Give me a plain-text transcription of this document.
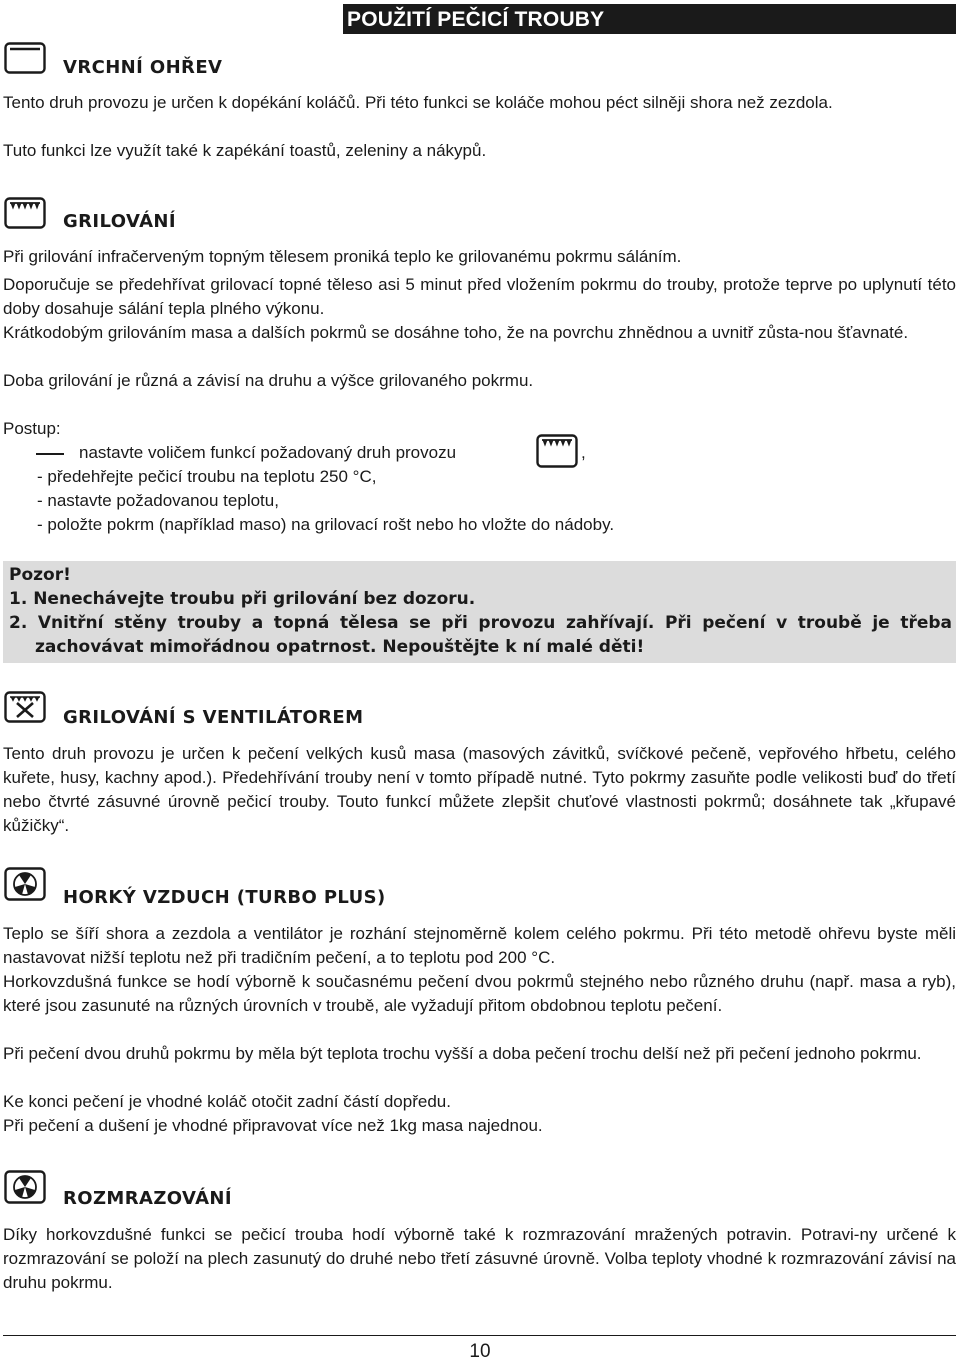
POUŽITÍ PEČICÍ TROUBY
VRCHNÍ OHŘEV

Tento druh provozu je určen k dopékání koláčů. Při této funkci se koláče mohou péct silněji shora než zezdola.

Tuto funkci lze využít také k zapékání toastů, zeleniny a nákypů.

GRILOVÁNÍ

Při grilování infračerveným topným tělesem proniká teplo ke grilovanému pokrmu sáláním.

Doporučuje se předehřívat grilovací topné těleso asi 5 minut před vložením pokrmu do trouby, protože teprve po uplynutí této doby dosahuje sálání tepla plného výkonu.

Krátkodobým grilováním masa a dalších pokrmů se dosáhne toho, že na povrchu zhnědnou a uvnitř zůsta-nou šťavnaté.

Doba grilování je různá a závisí na druhu a výšce grilovaného pokrmu.

Postup:
nastavte voličem funkcí požadovaný druh provozu	,
- předehřejte pečicí troubu na teplotu 250 °C,
- nastavte požadovanou teplotu,
- položte pokrm (například maso) na grilovací rošt nebo ho vložte do nádoby.
Pozor!
1. Nenechávejte troubu při grilování bez dozoru.
2. Vnitřní stěny trouby a topná tělesa se při provozu zahřívají. Při pečení v troubě je třeba zachovávat mimořádnou opatrnost. Nepouštějte k ní malé děti!
GRILOVÁNÍ S VENTILÁTOREM

Tento druh provozu je určen k pečení velkých kusů masa (masových závitků, svíčkové pečeně, vepřového hřbetu, celého kuřete, husy, kachny apod.). Předehřívání trouby není v tomto případě nutné. Tyto pokrmy zasuňte podle velikosti buď do třetí nebo čtvrté zásuvné úrovně pečicí trouby. Touto funkcí můžete zlepšit chuťové vlastnosti pokrmů; dosáhnete tak „křupavé kůžičky“.

HORKÝ VZDUCH (TURBO PLUS)

Teplo se šíří shora a zezdola a ventilátor je rozhání stejnoměrně kolem celého pokrmu. Při této metodě ohřevu byste měli nastavovat nižší teplotu než při tradičním pečení, a to teplotu pod 200 °C.

Horkovzdušná funkce se hodí výborně k současnému pečení dvou pokrmů stejného nebo různého druhu (např. masa a ryb), které jsou zasunuté na různých úrovních v troubě, ale vyžadují přitom obdobnou teplotu pečení.

Při pečení dvou druhů pokrmu by měla být teplota trochu vyšší a doba pečení trochu delší než při pečení jednoho pokrmu.

Ke konci pečení je vhodné koláč otočit zadní částí dopředu.

Při pečení a dušení je vhodné připravovat více než 1kg masa najednou.

ROZMRAZOVÁNÍ

Díky horkovzdušné funkci se pečicí trouba hodí výborně také k rozmrazování mražených potravin. Potravi-ny určené k rozmrazování se položí na plech zasunutý do druhé nebo třetí zásuvné úrovně. Volba teploty vhodné k rozmrazování závisí na druhu pokrmu.

10
